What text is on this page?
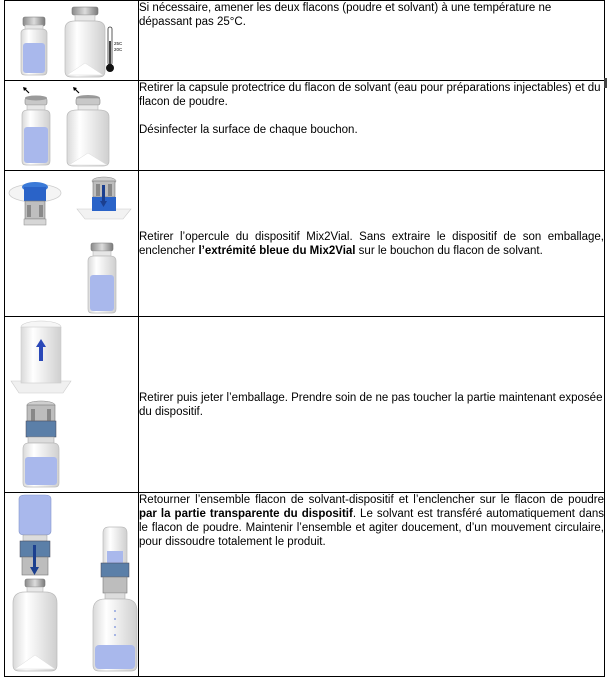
25C
20C	Si nécessaire, amener les deux flacons (poudre et solvant) à une température ne dépassant pas 25°C.

Retirer la capsule protectrice du flacon de solvant (eau pour préparations injectables) et du flacon de poudre.

Désinfecter la surface de chaque bouchon.

Retirer l’opercule du dispositif Mix2Vial. Sans extraire le dispositif de son emballage, enclencher l’extrémité bleue du Mix2Vial sur le bouchon du flacon de solvant.

Retirer puis jeter l’emballage. Prendre soin de ne pas toucher la partie maintenant exposée du dispositif.

Retourner l’ensemble flacon de solvant-dispositif et l’enclencher sur le flacon de poudre par la partie transparente du dispositif. Le solvant est transféré automatiquement dans le flacon de poudre. Maintenir l’ensemble et agiter doucement, d’un mouvement circulaire, pour dissoudre totalement le produit.
